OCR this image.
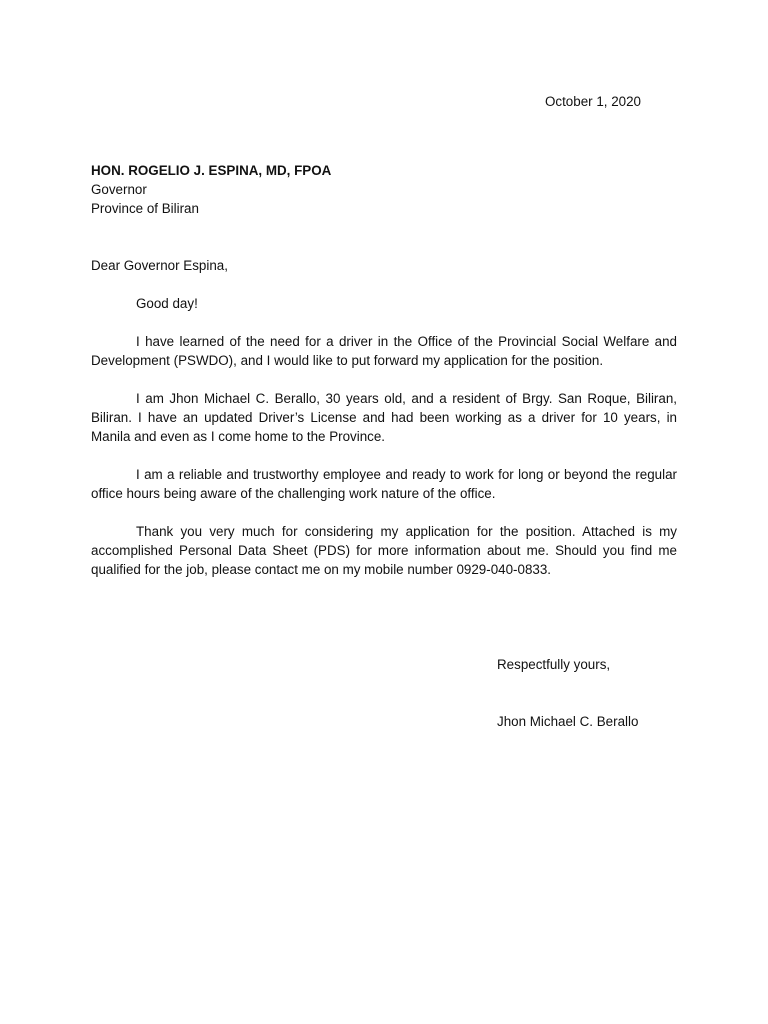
October 1, 2020

HON. ROGELIO J. ESPINA, MD, FPOA
Governor
Province of Biliran

Dear Governor Espina,

Good day!

I have learned of the need for a driver in the Office of the Provincial Social Welfare and Development (PSWDO), and I would like to put forward my application for the position.

I am Jhon Michael C. Berallo, 30 years old, and a resident of Brgy. San Roque, Biliran, Biliran. I have an updated Driver’s License and had been working as a driver for 10 years, in Manila and even as I come home to the Province.

I am a reliable and trustworthy employee and ready to work for long or beyond the regular office hours being aware of the challenging work nature of the office.

Thank you very much for considering my application for the position. Attached is my accomplished Personal Data Sheet (PDS) for more information about me. Should you find me qualified for the job, please contact me on my mobile number 0929-040-0833.

Respectfully yours,
Jhon Michael C. Berallo
